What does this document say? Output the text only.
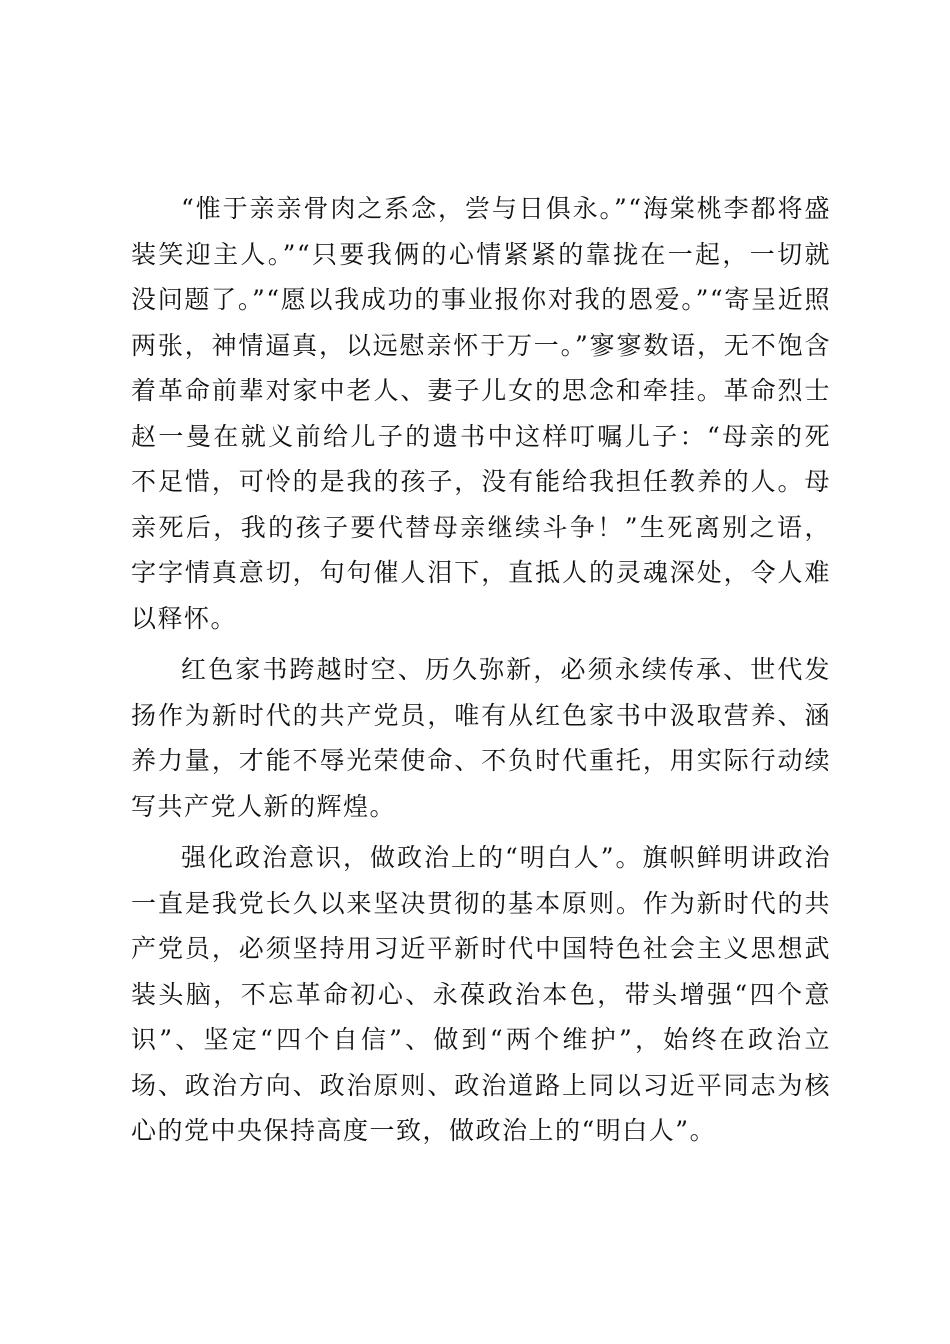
“惟于亲亲骨肉之系念，尝与日俱永。”“海棠桃李都将盛装笑迎主人。”“只要我俩的心情紧紧的靠拢在一起，一切就没问题了。”“愿以我成功的事业报你对我的恩爱。”“寄呈近照两张，神情逼真，以远慰亲怀于万一。”寥寥数语，无不饱含着革命前辈对家中老人、妻子儿女的思念和牵挂。革命烈士赵一曼在就义前给儿子的遗书中这样叮嘱儿子：“母亲的死不足惜，可怜的是我的孩子，没有能给我担任教养的人。母亲死后，我的孩子要代替母亲继续斗争！”生死离别之语，字字情真意切，句句催人泪下，直抵人的灵魂深处，令人难以释怀。

红色家书跨越时空、历久弥新，必须永续传承、世代发扬作为新时代的共产党员，唯有从红色家书中汲取营养、涵养力量，才能不辱光荣使命、不负时代重托，用实际行动续写共产党人新的辉煌。

强化政治意识，做政治上的“明白人”。旗帜鲜明讲政治一直是我党长久以来坚决贯彻的基本原则。作为新时代的共产党员，必须坚持用习近平新时代中国特色社会主义思想武装头脑，不忘革命初心、永葆政治本色，带头增强“四个意识”、坚定“四个自信”、做到“两个维护”，始终在政治立场、政治方向、政治原则、政治道路上同以习近平同志为核心的党中央保持高度一致，做政治上的“明白人”。
